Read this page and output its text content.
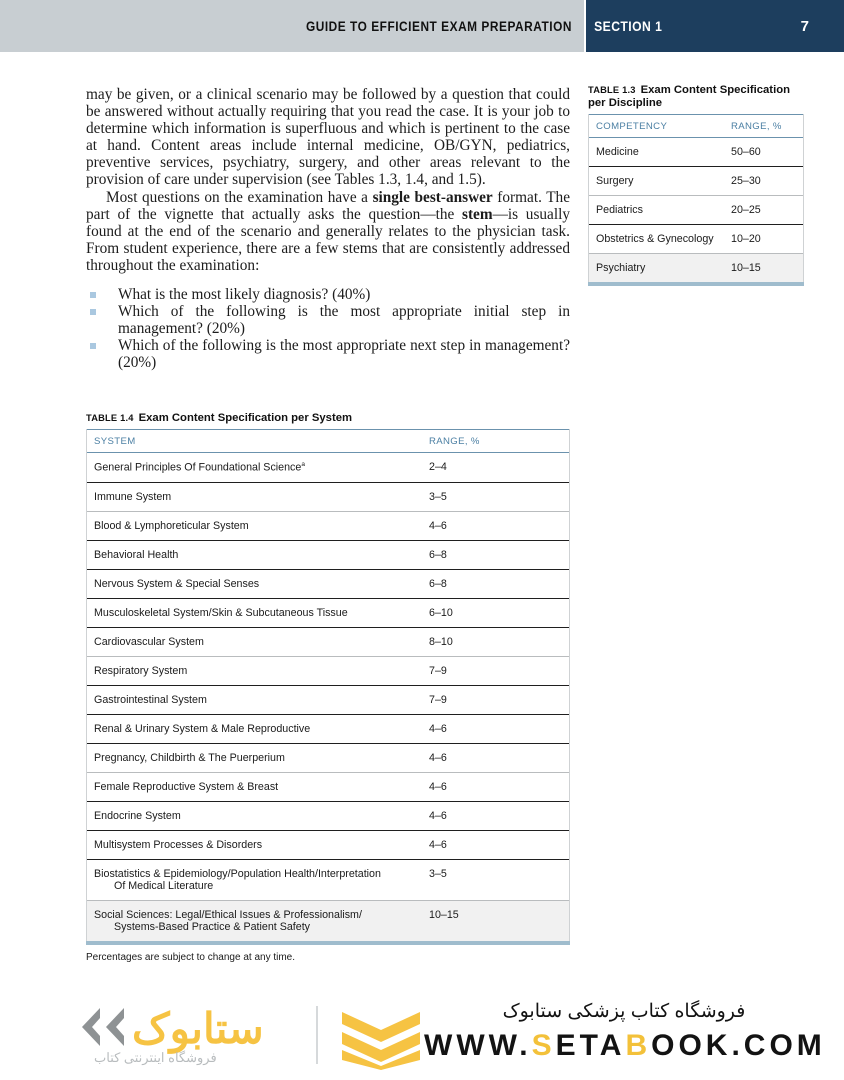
GUIDE TO EFFICIENT EXAM PREPARATION	SECTION 1	7

may be given, or a clinical scenario may be followed by a question that could be answered without actually requiring that you read the case. It is your job to determine which information is superfluous and which is pertinent to the case at hand. Content areas include internal medicine, OB/GYN, pediatrics, preventive services, psychiatry, surgery, and other areas relevant to the provision of care under supervision (see Tables 1.3, 1.4, and 1.5).

Most questions on the examination have a single best-answer format. The part of the vignette that actually asks the question—the stem—is usually found at the end of the scenario and generally relates to the physician task. From student experience, there are a few stems that are consistently addressed throughout the examination:

What is the most likely diagnosis? (40%)
Which of the following is the most appropriate initial step in management? (20%)
Which of the following is the most appropriate next step in management? (20%)
TABLE 1.4 Exam Content Specification per System
SYSTEM	RANGE, %
General Principles Of Foundational Science$^a$	2–4
Immune System	3–5
Blood & Lymphoreticular System	4–6
Behavioral Health	6–8
Nervous System & Special Senses	6–8
Musculoskeletal System/Skin & Subcutaneous Tissue	6–10
Cardiovascular System	8–10
Respiratory System	7–9
Gastrointestinal System	7–9
Renal & Urinary System & Male Reproductive	4–6
Pregnancy, Childbirth & The Puerperium	4–6
Female Reproductive System & Breast	4–6
Endocrine System	4–6
Multisystem Processes & Disorders	4–6
Biostatistics & Epidemiology/Population Health/Interpretation
Of Medical Literature	3–5
Social Sciences: Legal/Ethical Issues & Professionalism/
Systems-Based Practice & Patient Safety	10–15
Percentages are subject to change at any time.
TABLE 1.3 Exam Content Specification per Discipline
COMPETENCY	RANGE, %
Medicine	50–60
Surgery	25–30
Pediatrics	20–25
Obstetrics & Gynecology	10–20
Psychiatry	10–15
ستابوک
فروشگاه اینترنتی کتاب
فروشگاه کتاب پزشکی ستابوک
WWW.SETABOOK.COM
